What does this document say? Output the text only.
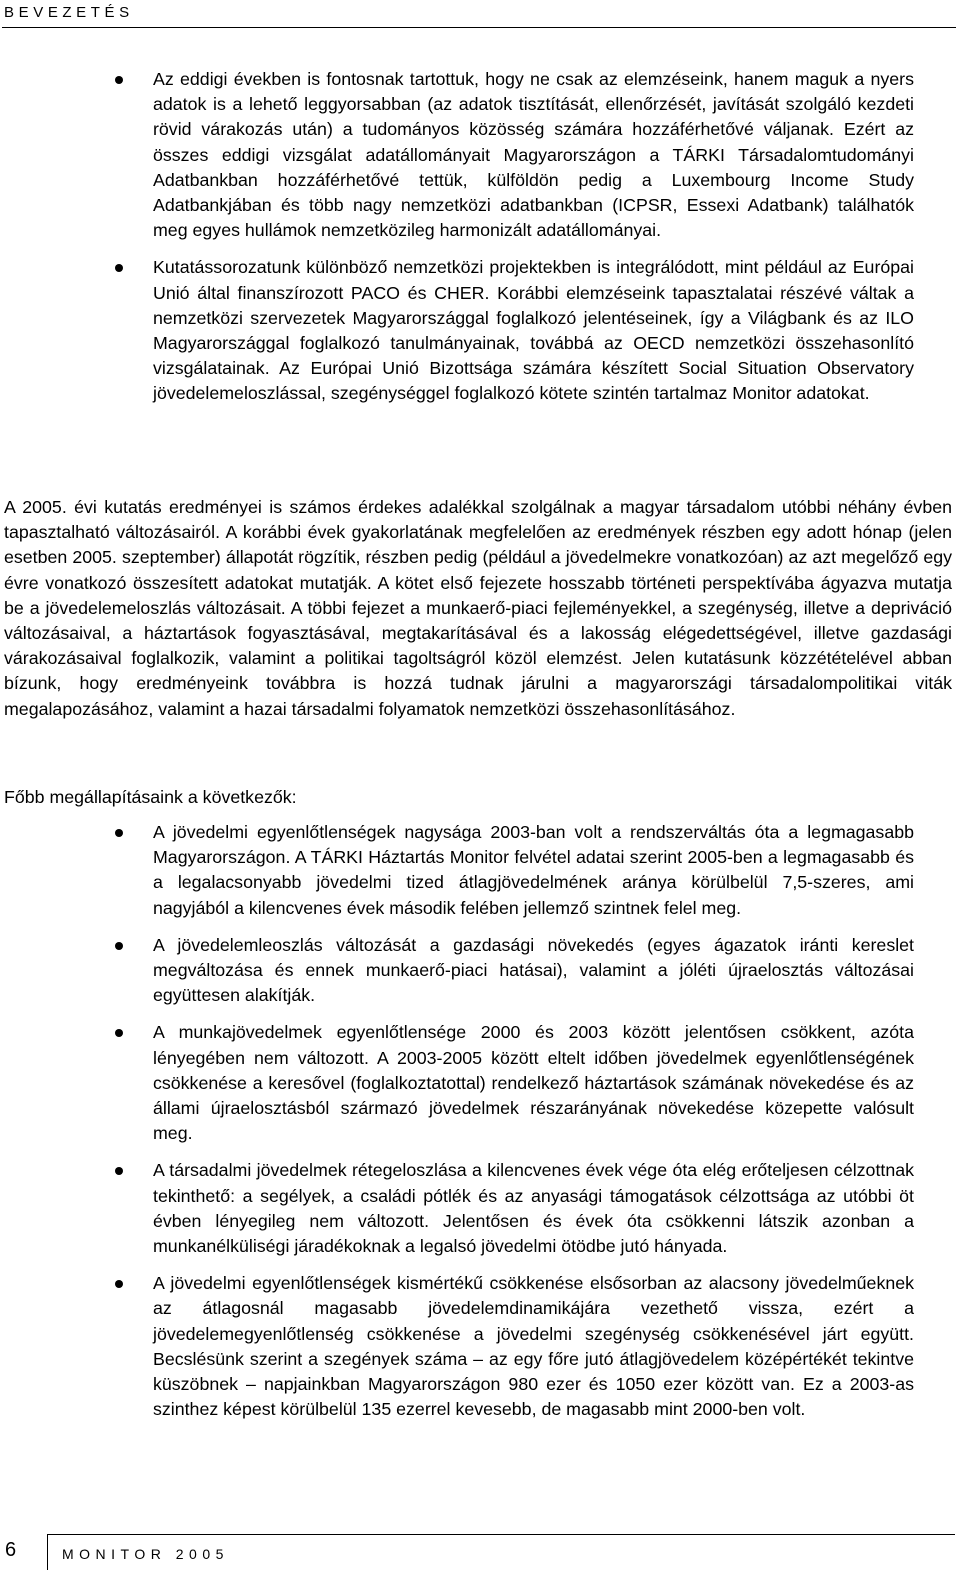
BEVEZETÉS
Az eddigi években is fontosnak tartottuk, hogy ne csak az elemzéseink, hanem maguk a nyers adatok is a lehető leggyorsabban (az adatok tisztítását, ellenőrzését, javítását szolgáló kezdeti rövid várakozás után) a tudományos közösség számára hozzáférhetővé váljanak. Ezért az összes eddigi vizsgálat adatállományait Magyarországon a TÁRKI Társadalomtudományi Adatbankban hozzáférhetővé tettük, külföldön pedig a Luxembourg Income Study Adatbankjában és több nagy nemzetközi adatbankban (ICPSR, Essexi Adatbank) találhatók meg egyes hullámok nemzetközileg harmonizált adatállományai.
Kutatássorozatunk különböző nemzetközi projektekben is integrálódott, mint például az Európai Unió által finanszírozott PACO és CHER. Korábbi elemzéseink tapasztalatai részévé váltak a nemzetközi szervezetek Magyarországgal foglalkozó jelentéseinek, így a Világbank és az ILO Magyarországgal foglalkozó tanulmányainak, továbbá az OECD nemzetközi összehasonlító vizsgálatainak. Az Európai Unió Bizottsága számára készített Social Situation Observatory jövedelemeloszlással, szegénységgel foglalkozó kötete szintén tartalmaz Monitor adatokat.

A 2005. évi kutatás eredményei is számos érdekes adalékkal szolgálnak a magyar társadalom utóbbi néhány évben tapasztalható változásairól. A korábbi évek gyakorlatának megfelelően az eredmények részben egy adott hónap (jelen esetben 2005. szeptember) állapotát rögzítik, részben pedig (például a jövedelmekre vonatkozóan) az azt megelőző egy évre vonatkozó összesített adatokat mutatják. A kötet első fejezete hosszabb történeti perspektívába ágyazva mutatja be a jövedelemeloszlás változásait. A többi fejezet a munkaerő-piaci fejleményekkel, a szegénység, illetve a depriváció változásaival, a háztartások fogyasztásával, megtakarításával és a lakosság elégedettségével, illetve gazdasági várakozásaival foglalkozik, valamint a politikai tagoltságról közöl elemzést. Jelen kutatásunk közzétételével abban bízunk, hogy eredményeink továbbra is hozzá tudnak járulni a magyarországi társadalompolitikai viták megalapozásához, valamint a hazai társadalmi folyamatok nemzetközi összehasonlításához.

Főbb megállapításaink a következők:

A jövedelmi egyenlőtlenségek nagysága 2003-ban volt a rendszerváltás óta a legmagasabb Magyarországon. A TÁRKI Háztartás Monitor felvétel adatai szerint 2005-ben a legmagasabb és a legalacsonyabb jövedelmi tized átlagjövedelmének aránya körülbelül 7,5-szeres, ami nagyjából a kilencvenes évek második felében jellemző szintnek felel meg.
A jövedelemleoszlás változását a gazdasági növekedés (egyes ágazatok iránti kereslet megváltozása és ennek munkaerő-piaci hatásai), valamint a jóléti újraelosztás változásai együttesen alakítják.
A munkajövedelmek egyenlőtlensége 2000 és 2003 között jelentősen csökkent, azóta lényegében nem változott. A 2003-2005 között eltelt időben jövedelmek egyenlőtlenségének csökkenése a keresővel (foglalkoztatottal) rendelkező háztartások számának növekedése és az állami újraelosztásból származó jövedelmek részarányának növekedése közepette valósult meg.
A társadalmi jövedelmek rétegeloszlása a kilencvenes évek vége óta elég erőteljesen célzottnak tekinthető: a segélyek, a családi pótlék és az anyasági támogatások célzottsága az utóbbi öt évben lényegileg nem változott. Jelentősen és évek óta csökkenni látszik azonban a munkanélküliségi járadékoknak a legalsó jövedelmi ötödbe jutó hányada.
A jövedelmi egyenlőtlenségek kismértékű csökkenése elsősorban az alacsony jövedelműeknek az átlagosnál magasabb jövedelemdinamikájára vezethető vissza, ezért a jövedelemegyenlőtlenség csökkenése a jövedelmi szegénység csökkenésével járt együtt. Becslésünk szerint a szegények száma – az egy főre jutó átlagjövedelem középértékét tekintve küszöbnek – napjainkban Magyarországon 980 ezer és 1050 ezer között van. Ez a 2003-as szinthez képest körülbelül 135 ezerrel kevesebb, de magasabb mint 2000-ben volt.
6	MONITOR 2005
